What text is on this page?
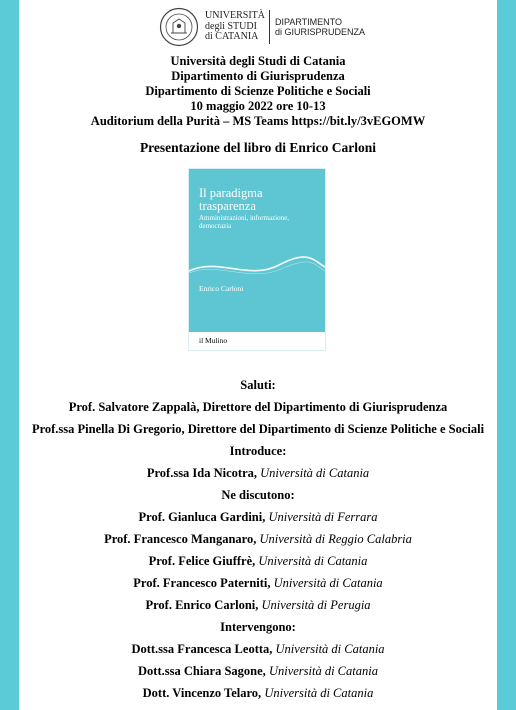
UNIVERSITÀ
degli STUDI
di CATANIA
DIPARTIMENTO
di GIURISPRUDENZA
Università degli Studi di Catania
Dipartimento di Giurisprudenza
Dipartimento di Scienze Politiche e Sociali
10 maggio 2022 ore 10-13
Auditorium della Purità – MS Teams https://bit.ly/3vEGOMW
Presentazione del libro di Enrico Carloni
Il paradigma
trasparenza
Amministrazioni, informazione,
democrazia
Enrico Carloni
il Mulino
Saluti:
Prof. Salvatore Zappalà, Direttore del Dipartimento di Giurisprudenza
Prof.ssa Pinella Di Gregorio, Direttore del Dipartimento di Scienze Politiche e Sociali
Introduce:
Prof.ssa Ida Nicotra, Università di Catania
Ne discutono:
Prof. Gianluca Gardini, Università di Ferrara
Prof. Francesco Manganaro, Università di Reggio Calabria
Prof. Felice Giuffrè, Università di Catania
Prof. Francesco Paterniti, Università di Catania
Prof. Enrico Carloni, Università di Perugia
Intervengono:
Dott.ssa Francesca Leotta, Università di Catania
Dott.ssa Chiara Sagone, Università di Catania
Dott. Vincenzo Telaro, Università di Catania
